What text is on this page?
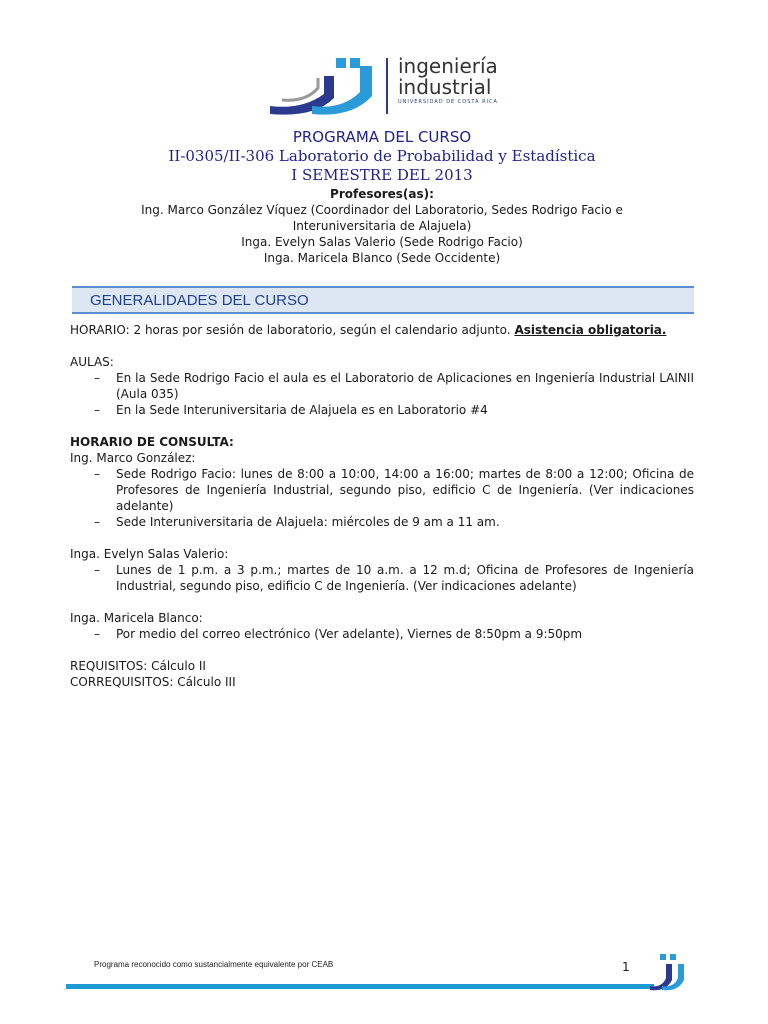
ingeniería
industrial
UNIVERSIDAD DE COSTA RICA
PROGRAMA DEL CURSO
II-0305/II-306 Laboratorio de Probabilidad y Estadística
I SEMESTRE DEL 2013
Profesores(as):
Ing. Marco González Víquez (Coordinador del Laboratorio, Sedes Rodrigo Facio e
Interuniversitaria de Alajuela)
Inga. Evelyn Salas Valerio (Sede Rodrigo Facio)
Inga. Maricela Blanco (Sede Occidente)
GENERALIDADES DEL CURSO
HORARIO: 2 horas por sesión de laboratorio, según el calendario adjunto. Asistencia obligatoria.
AULAS:
– En la Sede Rodrigo Facio el aula es el Laboratorio de Aplicaciones en Ingeniería Industrial LAINII (Aula 035)
– En la Sede Interuniversitaria de Alajuela es en Laboratorio #4
HORARIO DE CONSULTA:
Ing. Marco González:
– Sede Rodrigo Facio: lunes de 8:00 a 10:00, 14:00 a 16:00; martes de 8:00 a 12:00; Oficina de Profesores de Ingeniería Industrial, segundo piso, edificio C de Ingeniería. (Ver indicaciones adelante)
– Sede Interuniversitaria de Alajuela: miércoles de 9 am a 11 am.
Inga. Evelyn Salas Valerio:
– Lunes de 1 p.m. a 3 p.m.; martes de 10 a.m. a 12 m.d; Oficina de Profesores de Ingeniería Industrial, segundo piso, edificio C de Ingeniería. (Ver indicaciones adelante)
Inga. Maricela Blanco:
– Por medio del correo electrónico (Ver adelante), Viernes de 8:50pm a 9:50pm
REQUISITOS: Cálculo II
CORREQUISITOS: Cálculo III
Programa reconocido como sustancialmente equivalente por CEAB	1
